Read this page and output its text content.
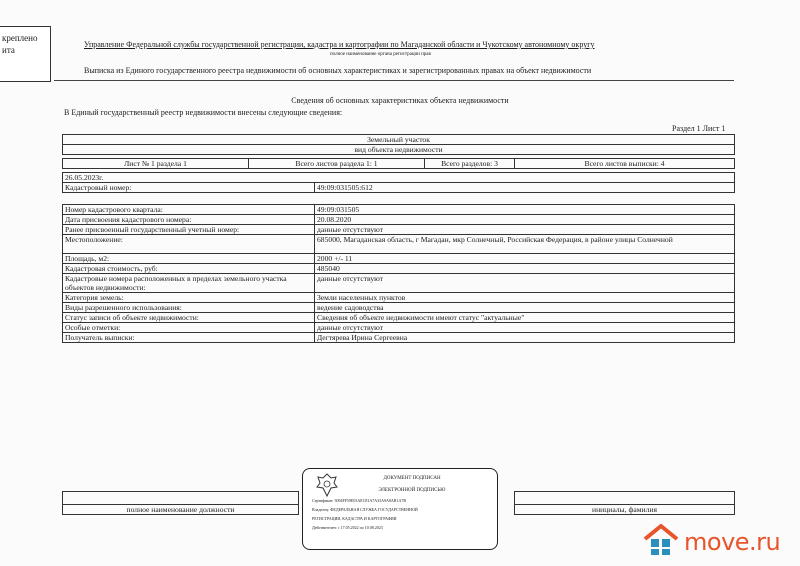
креплено
ита
Управление Федеральной службы государственной регистрации, кадастра и картографии по Магаданской области и Чукотскому автономному округу
полное наименование органа регистрации прав
Выписка из Единого государственного реестра недвижимости об основных характеристиках и зарегистрированных правах на объект недвижимости
Сведения об основных характеристиках объекта недвижимости
В Единый государственный реестр недвижимости внесены следующие сведения:
Раздел 1 Лист 1
Земельный участок				
вид объекта недвижимости				

Лист № 1 раздела 1	Всего листов раздела 1: 1		Всего разделов: 3	Всего листов выписки: 4

26.05.2023г.				
Кадастровый номер:		49:09:031505:612		

Номер кадастрового квартала:	49:09:031505
Дата присвоения кадастрового номера:	20.08.2020
Ранее присвоенный государственный учетный номер:	данные отсутствуют
Местоположение:	685000, Магаданская область, г Магадан, мкр Солнечный, Российская Федерация, в районе улицы Солнечной
Площадь, м2:	2000 +/- 11
Кадастровая стоимость, руб:	485040
Кадастровые номера расположенных в пределах земельного участка объектов недвижимости:	данные отсутствуют
Категория земель:	Земли населенных пунктов
Виды разрешенного использования:	ведение садоводства
Статус записи об объекте недвижимости:	Сведения об объекте недвижимости имеют статус "актуальные"
Особые отметки:	данные отсутствуют
Получатель выписки:	Дегтярева Ирина Сергеевна

полное наименование должности		инициалы, фамилия
ДОКУМЕНТ ПОДПИСАН
ЭЛЕКТРОННОЙ ПОДПИСЬЮ
Сертификат: 3094FF59E03AEC81A7A33A9A8AB1A7B
Владелец: ФЕДЕРАЛЬНАЯ СЛУЖБА ГОСУДАРСТВЕННОЙ
РЕГИСТРАЦИИ, КАДАСТРА И КАРТОГРАФИИ
Действителен: с 17.05.2022 по 10.08.2023
move.ru
